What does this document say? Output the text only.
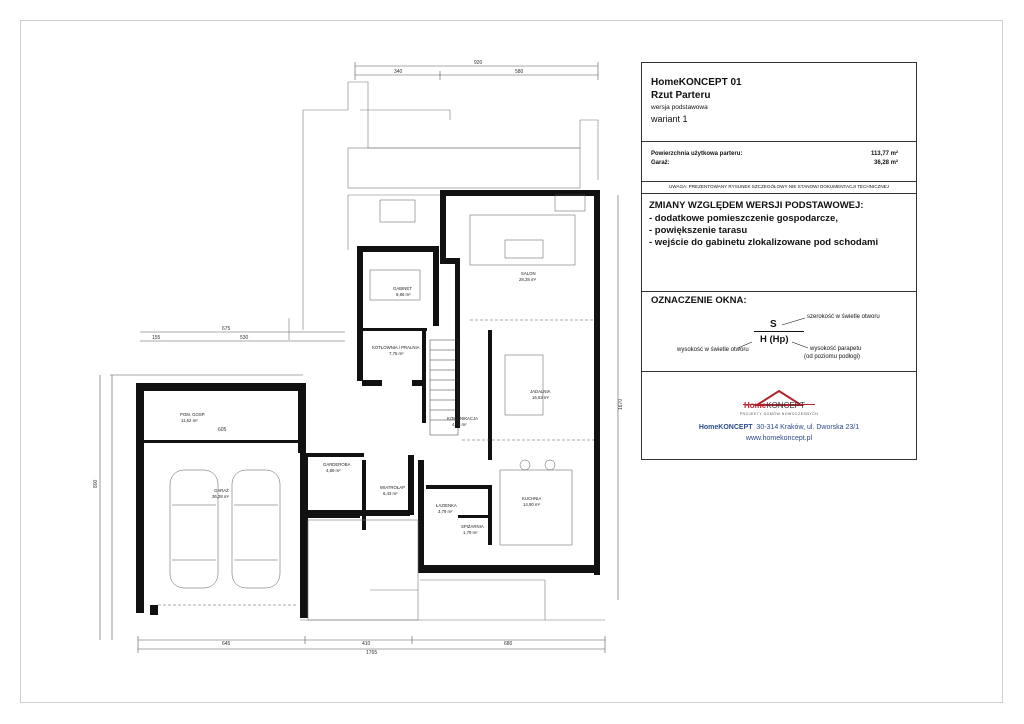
920
340	580
675
155	530
800
1670
645	410	680
1765
605
GABINET
9,86 m²
KOTŁOWNIA / PRALNIA
7,76 m²
POM. GOSP.
11,62 m²	KOMUNIKACJA
4,38 m²
SALON
28,28 m²
JADALNIA
16,63 m²
KUCHNIA
14,90 m²
GARDEROBA
4,89 m²
WIATROŁAP
6,43 m²
ŁAZIENKA
3,79 m²
SPIŻARNIA
1,79 m²
GARAŻ
36,28 m²
HomeKONCEPT 01
Rzut Parteru
wersja podstawowa
wariant 1
Powierzchnia użytkowa parteru:	113,77 m²
Garaż:	36,28 m²
UWAGA: PREZENTOWANY RYSUNEK SZCZEGÓŁOWY NIE STANOWI DOKUMENTACJI TECHNICZNEJ
ZMIANY WZGLĘDEM WERSJI PODSTAWOWEJ:
- dodatkowe pomieszczenie gospodarcze,
- powiększenie tarasu
- wejście do gabinetu zlokalizowane pod schodami
OZNACZENIE OKNA:
S
H (Hp)
szerokość w świetle otworu
wysokość w świetle otworu	wysokość parapetu
(od poziomu podłogi)
HomeKONCEPT
PROJEKTY DOMÓW NOWOCZESNYCH
HomeKONCEPT 30-314 Kraków, ul. Dworska 23/1
www.homekoncept.pl
